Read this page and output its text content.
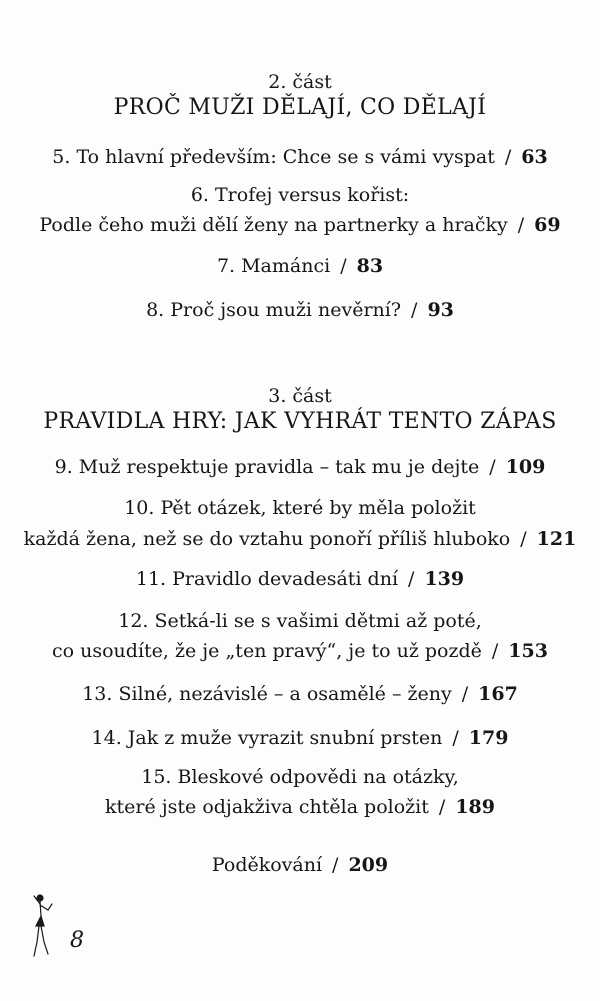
2. část
PROČ MUŽI DĚLAJÍ, CO DĚLAJÍ
5. To hlavní především: Chce se s vámi vyspat / 63
6. Trofej versus kořist:
Podle čeho muži dělí ženy na partnerky a hračky / 69
7. Mamánci / 83
8. Proč jsou muži nevěrní? / 93
3. část
PRAVIDLA HRY: JAK VYHRÁT TENTO ZÁPAS
9. Muž respektuje pravidla – tak mu je dejte / 109
10. Pět otázek, které by měla položit
každá žena, než se do vztahu ponoří příliš hluboko / 121
11. Pravidlo devadesáti dní / 139
12. Setká-li se s vašimi dětmi až poté,
co usoudíte, že je „ten pravý“, je to už pozdě / 153
13. Silné, nezávislé – a osamělé – ženy / 167
14. Jak z muže vyrazit snubní prsten / 179
15. Bleskové odpovědi na otázky,
které jste odjakživa chtěla položit / 189
Poděkování / 209
8
